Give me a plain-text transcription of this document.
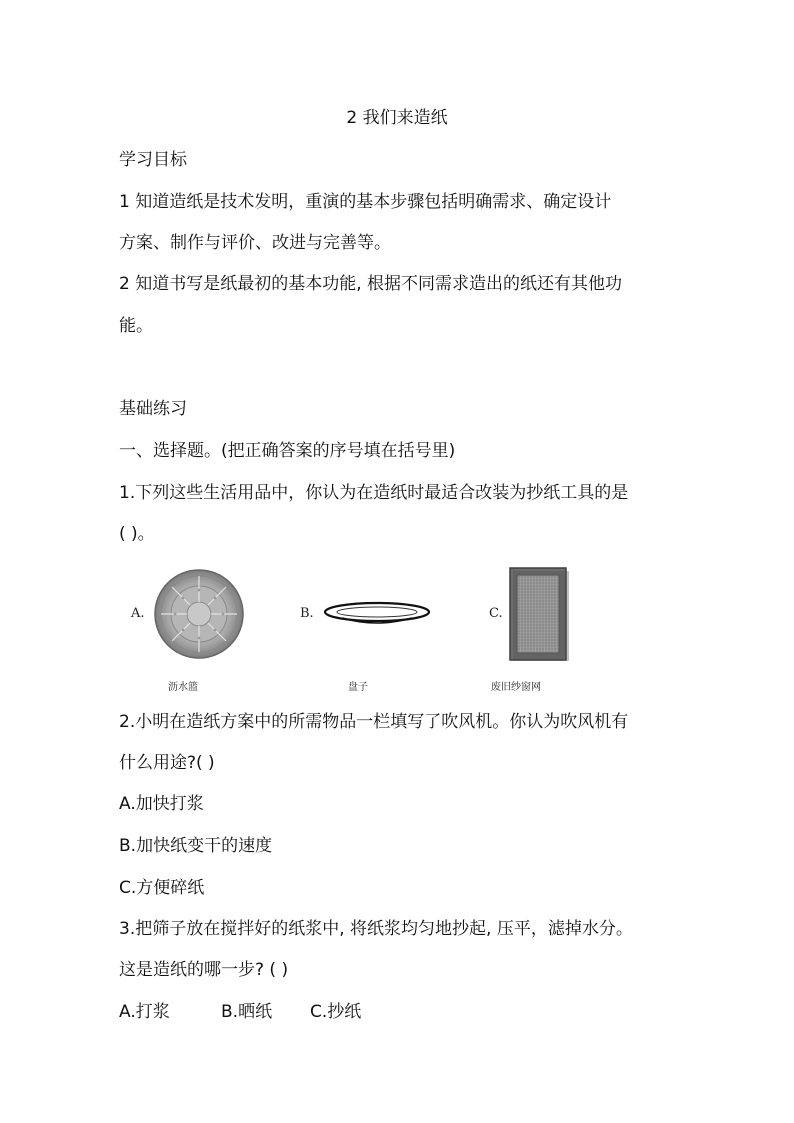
2 我们来造纸
学习目标
1 知道造纸是技术发明，重演的基本步骤包括明确需求、确定设计
方案、制作与评价、改进与完善等。
2 知道书写是纸最初的基本功能, 根据不同需求造出的纸还有其他功
能。
基础练习
一、选择题。(把正确答案的序号填在括号里)
1.下列这些生活用品中，你认为在造纸时最适合改装为抄纸工具的是
( )。
A.
沥水篮
B.
盘子
C.
废旧纱窗网
2.小明在造纸方案中的所需物品一栏填写了吹风机。你认为吹风机有
什么用途?( )
A.加快打浆
B.加快纸变干的速度
C.方便碎纸
3.把筛子放在搅拌好的纸浆中, 将纸浆均匀地抄起, 压平，滤掉水分。
这是造纸的哪一步? ( )
A.打浆	B.晒纸 C.抄纸
